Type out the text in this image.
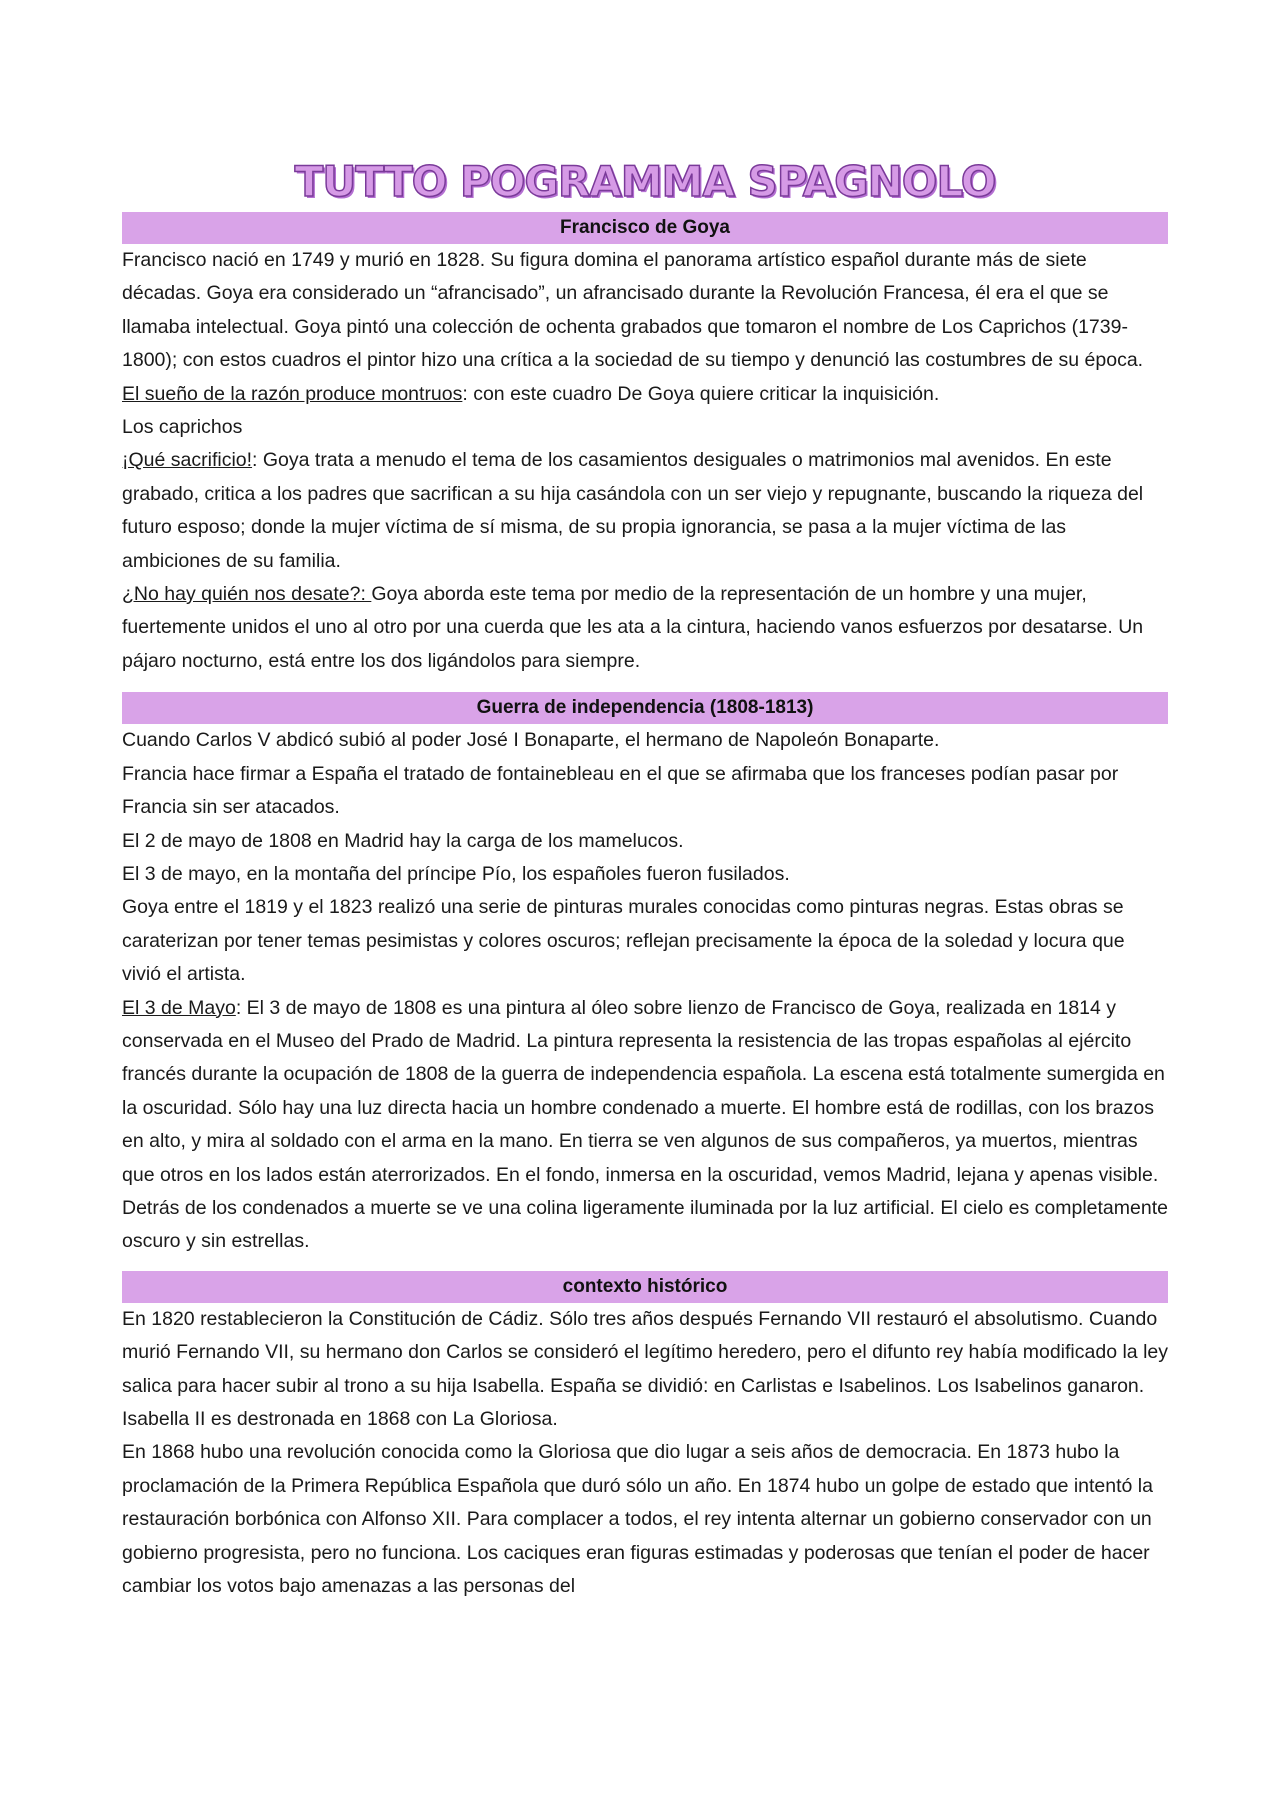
TUTTO POGRAMMA SPAGNOLO
Francisco de Goya

Francisco nació en 1749 y murió en 1828. Su figura domina el panorama artístico español durante más de siete décadas. Goya era considerado un “afrancisado”, un afrancisado durante la Revolución Francesa, él era el que se llamaba intelectual. Goya pintó una colección de ochenta grabados que tomaron el nombre de Los Caprichos (1739-1800); con estos cuadros el pintor hizo una crítica a la sociedad de su tiempo y denunció las costumbres de su época.

El sueño de la razón produce montruos: con este cuadro De Goya quiere criticar la inquisición.

Los caprichos

¡Qué sacrificio!: Goya trata a menudo el tema de los casamientos desiguales o matrimonios mal avenidos. En este grabado, critica a los padres que sacrifican a su hija casándola con un ser viejo y repugnante, buscando la riqueza del futuro esposo; donde la mujer víctima de sí misma, de su propia ignorancia, se pasa a la mujer víctima de las ambiciones de su familia.

¿No hay quién nos desate?: Goya aborda este tema por medio de la representación de un hombre y una mujer, fuertemente unidos el uno al otro por una cuerda que les ata a la cintura, haciendo vanos esfuerzos por desatarse. Un pájaro nocturno, está entre los dos ligándolos para siempre.

Guerra de independencia (1808-1813)

Cuando Carlos V abdicó subió al poder José I Bonaparte, el hermano de Napoleón Bonaparte.

Francia hace firmar a España el tratado de fontainebleau en el que se afirmaba que los franceses podían pasar por Francia sin ser atacados.

El 2 de mayo de 1808 en Madrid hay la carga de los mamelucos.

El 3 de mayo, en la montaña del príncipe Pío, los españoles fueron fusilados.

Goya entre el 1819 y el 1823 realizó una serie de pinturas murales conocidas como pinturas negras. Estas obras se caraterizan por tener temas pesimistas y colores oscuros; reflejan precisamente la época de la soledad y locura que vivió el artista.

El 3 de Mayo: El 3 de mayo de 1808 es una pintura al óleo sobre lienzo de Francisco de Goya, realizada en 1814 y conservada en el Museo del Prado de Madrid. La pintura representa la resistencia de las tropas españolas al ejército francés durante la ocupación de 1808 de la guerra de independencia española. La escena está totalmente sumergida en la oscuridad. Sólo hay una luz directa hacia un hombre condenado a muerte. El hombre está de rodillas, con los brazos en alto, y mira al soldado con el arma en la mano. En tierra se ven algunos de sus compañeros, ya muertos, mientras que otros en los lados están aterrorizados. En el fondo, inmersa en la oscuridad, vemos Madrid, lejana y apenas visible. Detrás de los condenados a muerte se ve una colina ligeramente iluminada por la luz artificial. El cielo es completamente oscuro y sin estrellas.

contexto histórico

En 1820 restablecieron la Constitución de Cádiz. Sólo tres años después Fernando VII restauró el absolutismo. Cuando murió Fernando VII, su hermano don Carlos se consideró el legítimo heredero, pero el difunto rey había modificado la ley salica para hacer subir al trono a su hija Isabella. España se dividió: en Carlistas e Isabelinos. Los Isabelinos ganaron. Isabella II es destronada en 1868 con La Gloriosa.

En 1868 hubo una revolución conocida como la Gloriosa que dio lugar a seis años de democracia. En 1873 hubo la proclamación de la Primera República Española que duró sólo un año. En 1874 hubo un golpe de estado que intentó la restauración borbónica con Alfonso XII. Para complacer a todos, el rey intenta alternar un gobierno conservador con un gobierno progresista, pero no funciona. Los caciques eran figuras estimadas y poderosas que tenían el poder de hacer cambiar los votos bajo amenazas a las personas del
